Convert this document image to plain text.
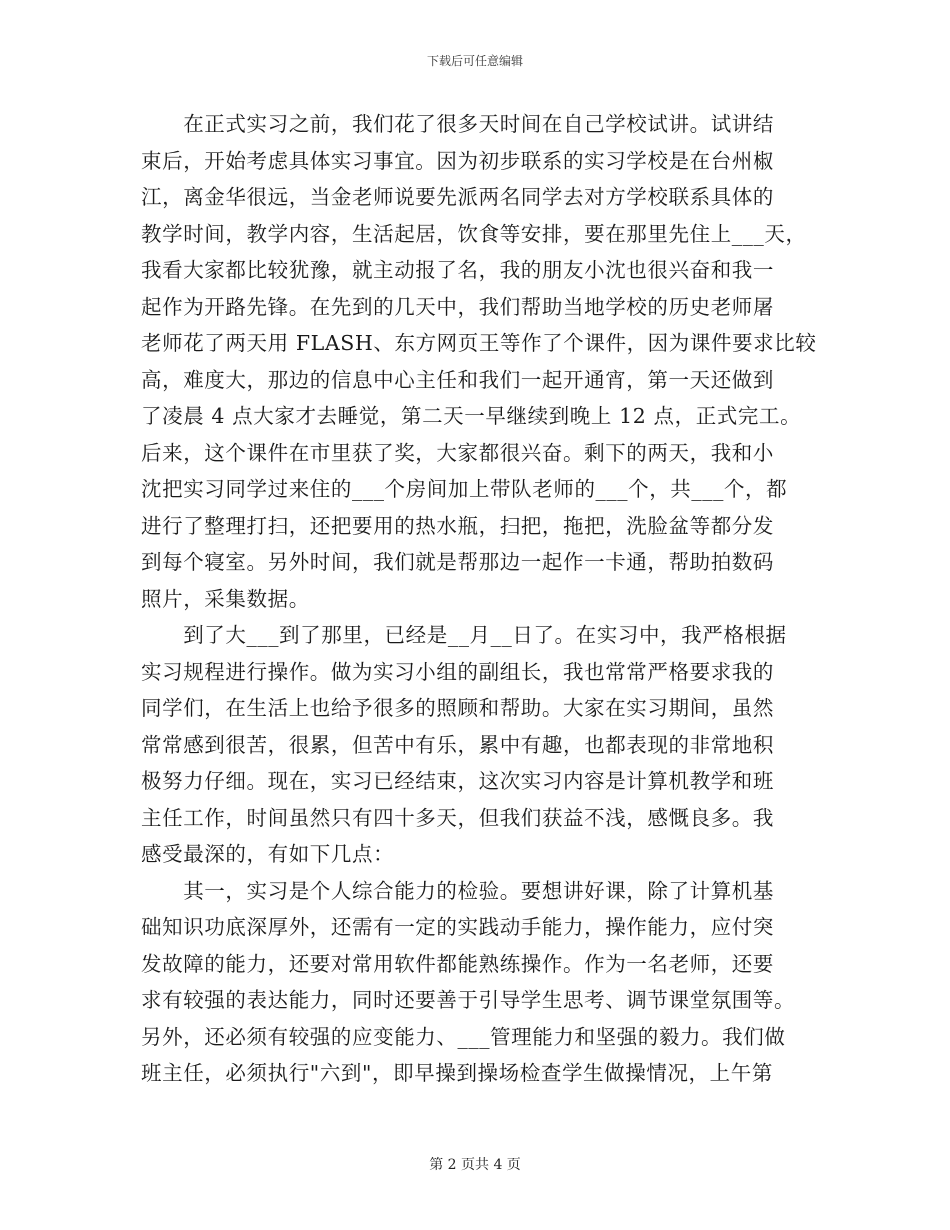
下载后可任意编辑
　　在正式实习之前，我们花了很多天时间在自己学校试讲。试讲结
束后，开始考虑具体实习事宜。因为初步联系的实习学校是在台州椒
江，离金华很远，当金老师说要先派两名同学去对方学校联系具体的
教学时间，教学内容，生活起居，饮食等安排，要在那里先住上___天，
我看大家都比较犹豫，就主动报了名，我的朋友小沈也很兴奋和我一
起作为开路先锋。在先到的几天中，我们帮助当地学校的历史老师屠
老师花了两天用 FLASH、东方网页王等作了个课件，因为课件要求比较
高，难度大，那边的信息中心主任和我们一起开通宵，第一天还做到
了凌晨 4 点大家才去睡觉，第二天一早继续到晚上 12 点，正式完工。
后来，这个课件在市里获了奖，大家都很兴奋。剩下的两天，我和小
沈把实习同学过来住的___个房间加上带队老师的___个，共___个，都
进行了整理打扫，还把要用的热水瓶，扫把，拖把，洗脸盆等都分发
到每个寝室。另外时间，我们就是帮那边一起作一卡通，帮助拍数码
照片，采集数据。
　　到了大___到了那里，已经是__月__日了。在实习中，我严格根据
实习规程进行操作。做为实习小组的副组长，我也常常严格要求我的
同学们，在生活上也给予很多的照顾和帮助。大家在实习期间，虽然
常常感到很苦，很累，但苦中有乐，累中有趣，也都表现的非常地积
极努力仔细。现在，实习已经结束，这次实习内容是计算机教学和班
主任工作，时间虽然只有四十多天，但我们获益不浅，感慨良多。我
感受最深的，有如下几点：
　　其一，实习是个人综合能力的检验。要想讲好课，除了计算机基
础知识功底深厚外，还需有一定的实践动手能力，操作能力，应付突
发故障的能力，还要对常用软件都能熟练操作。作为一名老师，还要
求有较强的表达能力，同时还要善于引导学生思考、调节课堂氛围等。
另外，还必须有较强的应变能力、___管理能力和坚强的毅力。我们做
班主任，必须执行"六到"，即早操到操场检查学生做操情况，上午第
第 2 页共 4 页
